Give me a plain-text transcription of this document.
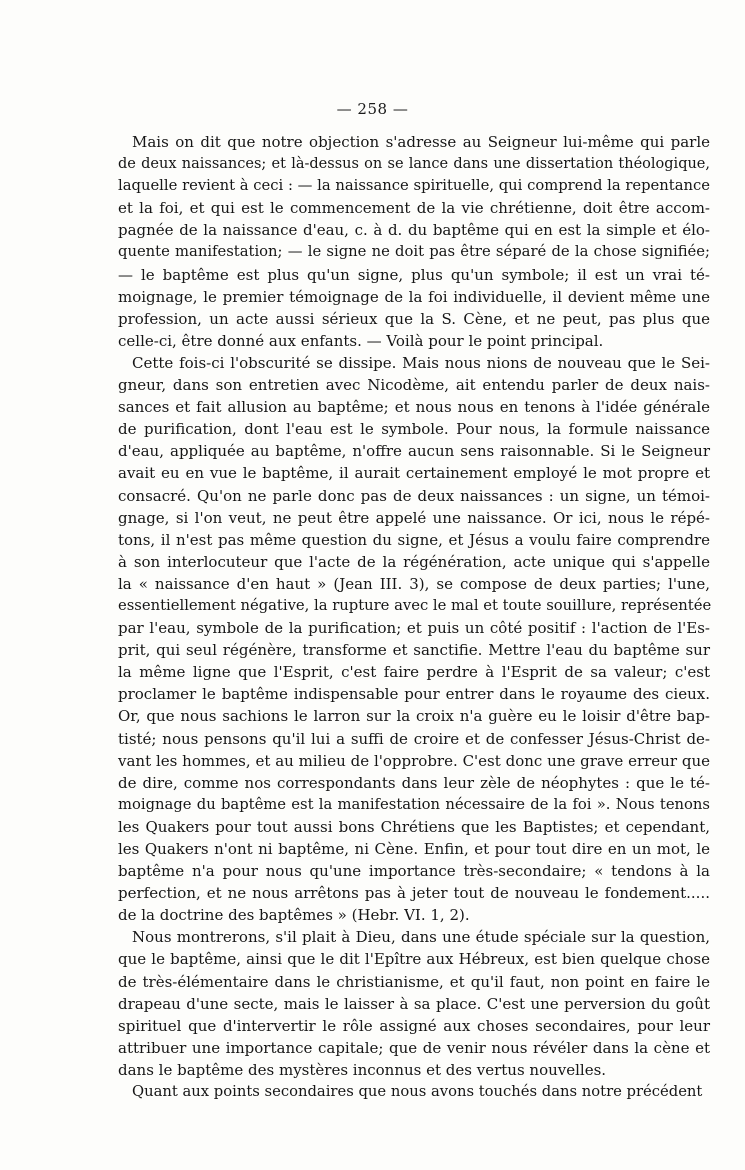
— 258 —
Mais on dit que notre objection s'adresse au Seigneur lui-même qui parle
de deux naissances; et là-dessus on se lance dans une dissertation théologique,
laquelle revient à ceci : — la naissance spirituelle, qui comprend la repentance
et la foi, et qui est le commencement de la vie chrétienne, doit être accom-
pagnée de la naissance d'eau, c. à d. du baptême qui en est la simple et élo-
quente manifestation; — le signe ne doit pas être séparé de la chose signifiée;
— le baptême est plus qu'un signe, plus qu'un symbole; il est un vrai té-
moignage, le premier témoignage de la foi individuelle, il devient même une
profession, un acte aussi sérieux que la S. Cène, et ne peut, pas plus que
celle-ci, être donné aux enfants. — Voilà pour le point principal.
Cette fois-ci l'obscurité se dissipe. Mais nous nions de nouveau que le Sei-
gneur, dans son entretien avec Nicodème, ait entendu parler de deux nais-
sances et fait allusion au baptême; et nous nous en tenons à l'idée générale
de purification, dont l'eau est le symbole. Pour nous, la formule naissance
d'eau, appliquée au baptême, n'offre aucun sens raisonnable. Si le Seigneur
avait eu en vue le baptême, il aurait certainement employé le mot propre et
consacré. Qu'on ne parle donc pas de deux naissances : un signe, un témoi-
gnage, si l'on veut, ne peut être appelé une naissance. Or ici, nous le répé-
tons, il n'est pas même question du signe, et Jésus a voulu faire comprendre
à son interlocuteur que l'acte de la régénération, acte unique qui s'appelle
la « naissance d'en haut » (Jean III. 3), se compose de deux parties; l'une,
essentiellement négative, la rupture avec le mal et toute souillure, représentée
par l'eau, symbole de la purification; et puis un côté positif : l'action de l'Es-
prit, qui seul régénère, transforme et sanctifie. Mettre l'eau du baptême sur
la même ligne que l'Esprit, c'est faire perdre à l'Esprit de sa valeur; c'est
proclamer le baptême indispensable pour entrer dans le royaume des cieux.
Or, que nous sachions le larron sur la croix n'a guère eu le loisir d'être bap-
tisté; nous pensons qu'il lui a suffi de croire et de confesser Jésus-Christ de-
vant les hommes, et au milieu de l'opprobre. C'est donc une grave erreur que
de dire, comme nos correspondants dans leur zèle de néophytes : que le té-
moignage du baptême est la manifestation nécessaire de la foi ». Nous tenons
les Quakers pour tout aussi bons Chrétiens que les Baptistes; et cependant,
les Quakers n'ont ni baptême, ni Cène. Enfin, et pour tout dire en un mot, le
baptême n'a pour nous qu'une importance très-secondaire; « tendons à la
perfection, et ne nous arrêtons pas à jeter tout de nouveau le fondement.....
de la doctrine des baptêmes » (Hebr. VI. 1, 2).
Nous montrerons, s'il plait à Dieu, dans une étude spéciale sur la question,
que le baptême, ainsi que le dit l'Epître aux Hébreux, est bien quelque chose
de très-élémentaire dans le christianisme, et qu'il faut, non point en faire le
drapeau d'une secte, mais le laisser à sa place. C'est une perversion du goût
spirituel que d'intervertir le rôle assigné aux choses secondaires, pour leur
attribuer une importance capitale; que de venir nous révéler dans la cène et
dans le baptême des mystères inconnus et des vertus nouvelles.
Quant aux points secondaires que nous avons touchés dans notre précédent
